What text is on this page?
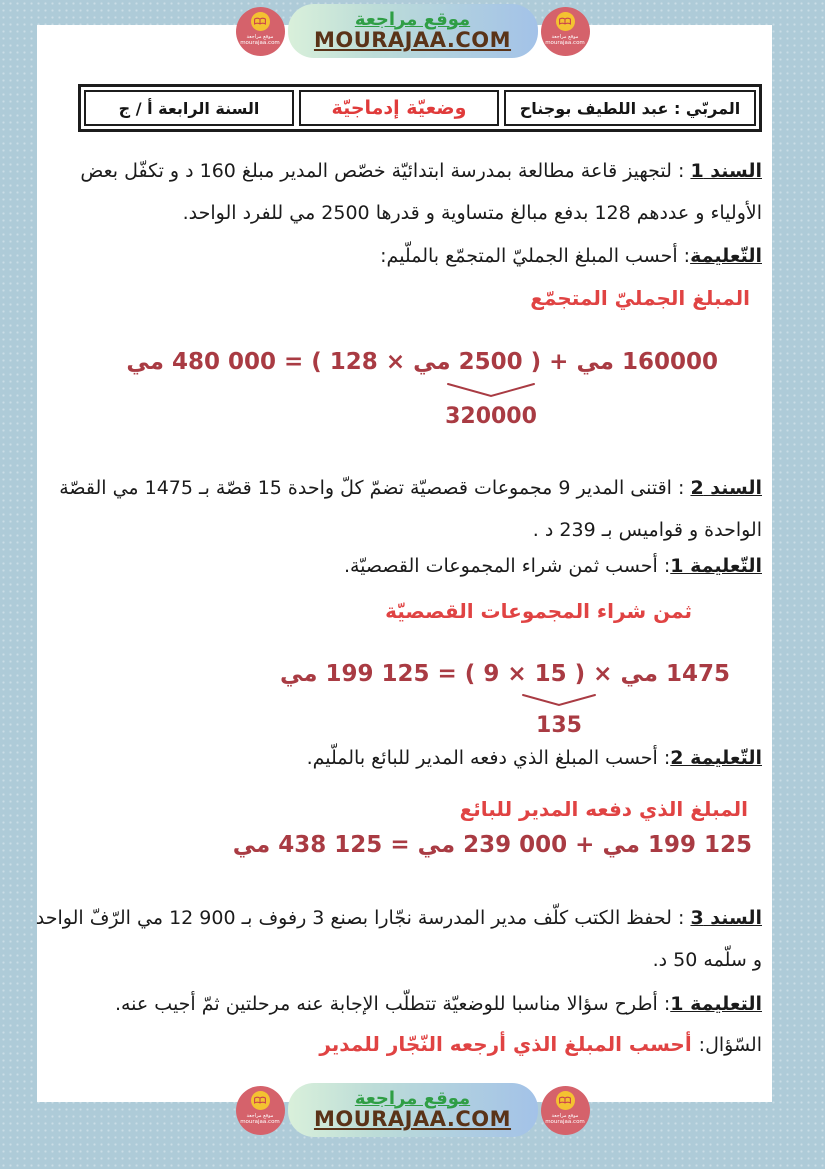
المربّي : عبد اللطيف بوجناح
وضعيّة إدماجيّة
السنة الرابعة أ / ج
السند 1 : لتجهيز قاعة مطالعة بمدرسة ابتدائيّة خصّص المدير مبلغ 160 د و تكفّل بعض
الأولياء و عددهم 128 بدفع مبالغ متساوية و قدرها 2500 مي للفرد الواحد.
التّعليمة: أحسب المبلغ الجمليّ المتجمّع بالملّيم:
المبلغ الجمليّ المتجمّع
160000 مي + ( 2500 مي × 128 ) = 480 000 مي
320000
السند 2 : اقتنى المدير 9 مجموعات قصصيّة تضمّ كلّ واحدة 15 قصّة بـ 1475 مي القصّة
الواحدة و قواميس بـ 239 د .
التّعليمة 1: أحسب ثمن شراء المجموعات القصصيّة.
ثمن شراء المجموعات القصصيّة
1475 مي × ( 15 × 9 ) = 199 125 مي
135
التّعليمة 2: أحسب المبلغ الذي دفعه المدير للبائع بالملّيم.
المبلغ الذي دفعه المدير للبائع
199 125 مي + 239 000 مي = 438 125 مي
السند 3 : لحفظ الكتب كلّف مدير المدرسة نجّارا بصنع 3 رفوف بـ 12 900 مي الرّفّ الواحد
و سلّمه 50 د.
التعليمة 1: أطرح سؤالا مناسبا للوضعيّة تتطلّب الإجابة عنه مرحلتين ثمّ أجيب عنه.
السّؤال: أحسب المبلغ الذي أرجعه النّجّار للمدير
موقع مراجعة
mourajaa.com
موقع مراجعة
MOURAJAA.COM	موقع مراجعة
mourajaa.com
موقع مراجعة
mourajaa.com
موقع مراجعة
MOURAJAA.COM	موقع مراجعة
mourajaa.com
